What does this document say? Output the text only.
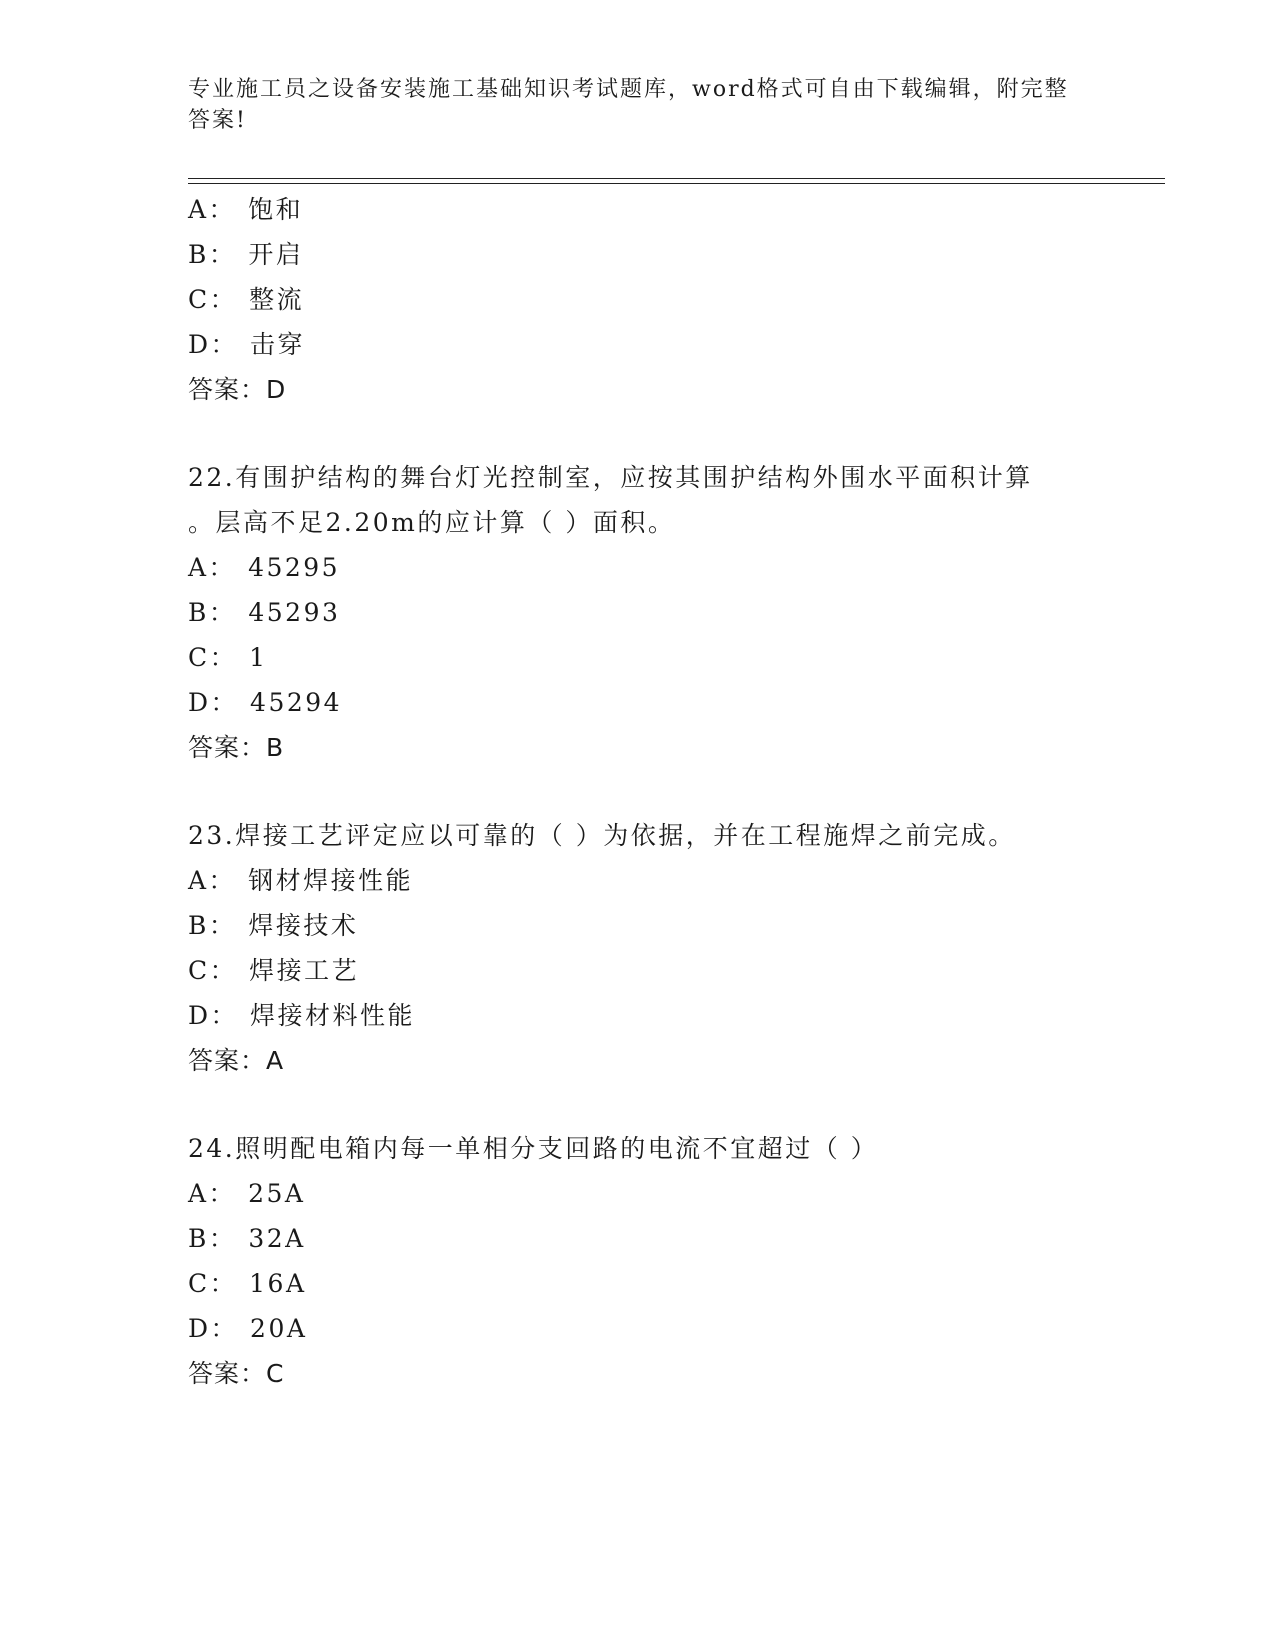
专业施工员之设备安装施工基础知识考试题库，word格式可自由下载编辑，附完整答案!
A： 饱和
B： 开启
C： 整流
D： 击穿
答案：D
22.有围护结构的舞台灯光控制室，应按其围护结构外围水平面积计算
。层高不足2.20m的应计算（ ）面积。
A： 45295
B： 45293
C： 1
D： 45294
答案：B
23.焊接工艺评定应以可靠的（ ）为依据，并在工程施焊之前完成。
A： 钢材焊接性能
B： 焊接技术
C： 焊接工艺
D： 焊接材料性能
答案：A
24.照明配电箱内每一单相分支回路的电流不宜超过（ ）
A： 25A
B： 32A
C： 16A
D： 20A
答案：C
